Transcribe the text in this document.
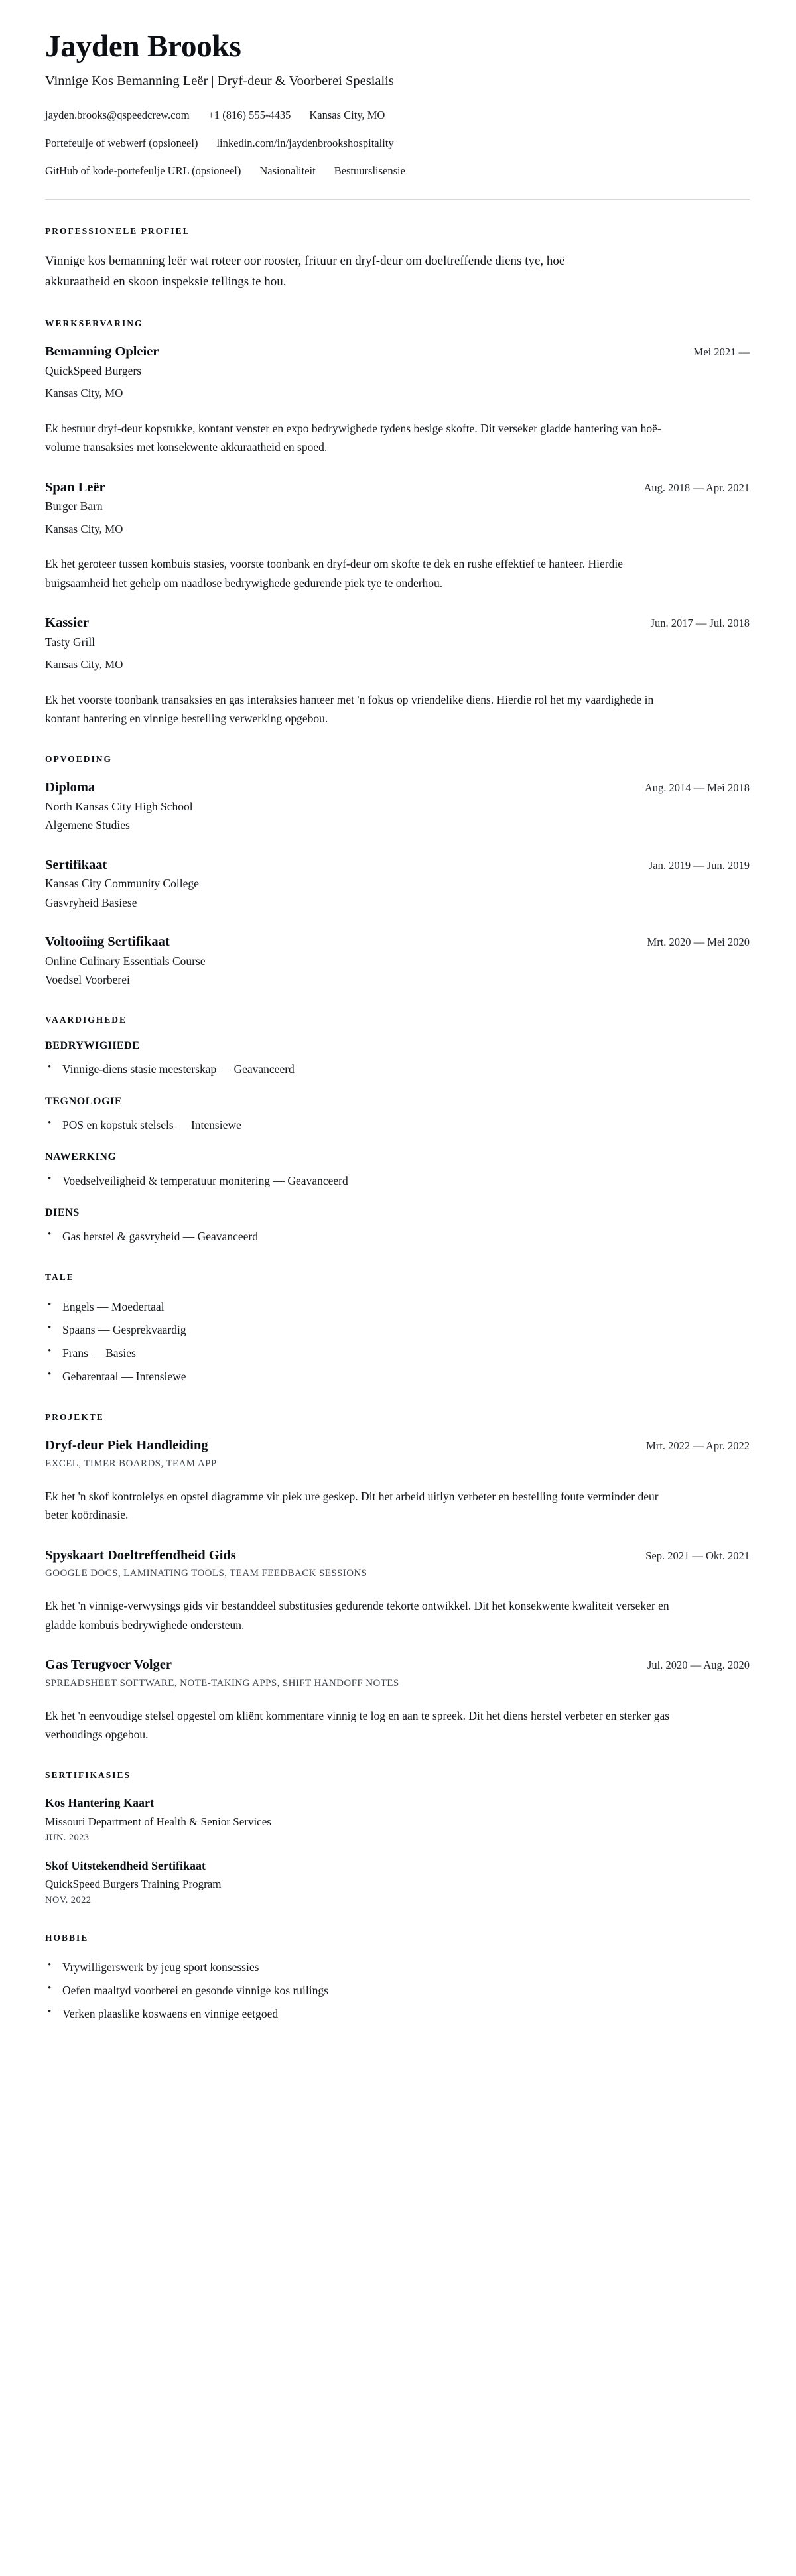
Jayden Brooks
Vinnige Kos Bemanning Leër | Dryf-deur & Voorberei Spesialis
jayden.brooks@qspeedcrew.com +1 (816) 555-4435 Kansas City, MO
Portefeulje of webwerf (opsioneel) linkedin.com/in/jaydenbrookshospitality
GitHub of kode-portefeulje URL (opsioneel) Nasionaliteit Bestuurslisensie
PROFESSIONELE PROFIEL

Vinnige kos bemanning leër wat roteer oor rooster, frituur en dryf-deur om doeltreffende diens tye, hoë akkuraatheid en skoon inspeksie tellings te hou.

WERKSERVARING
Bemanning Opleier	Mei 2021 —

QuickSpeed Burgers

Kansas City, MO

Ek bestuur dryf-deur kopstukke, kontant venster en expo bedrywighede tydens besige skofte. Dit verseker gladde hantering van hoë-volume transaksies met konsekwente akkuraatheid en spoed.

Span Leër	Aug. 2018 — Apr. 2021

Burger Barn

Kansas City, MO

Ek het geroteer tussen kombuis stasies, voorste toonbank en dryf-deur om skofte te dek en rushe effektief te hanteer. Hierdie buigsaamheid het gehelp om naadlose bedrywighede gedurende piek tye te onderhou.

Kassier	Jun. 2017 — Jul. 2018

Tasty Grill

Kansas City, MO

Ek het voorste toonbank transaksies en gas interaksies hanteer met 'n fokus op vriendelike diens. Hierdie rol het my vaardighede in kontant hantering en vinnige bestelling verwerking opgebou.

OPVOEDING
Diploma	Aug. 2014 — Mei 2018

North Kansas City High School

Algemene Studies

Sertifikaat	Jan. 2019 — Jun. 2019

Kansas City Community College

Gasvryheid Basiese

Voltooiing Sertifikaat	Mrt. 2020 — Mei 2020

Online Culinary Essentials Course

Voedsel Voorberei

VAARDIGHEDE
BEDRYWIGHEDE
• Vinnige-diens stasie meesterskap — Geavanceerd
TEGNOLOGIE
• POS en kopstuk stelsels — Intensiewe
NAWERKING
• Voedselveiligheid & temperatuur monitering — Geavanceerd
DIENS
• Gas herstel & gasvryheid — Geavanceerd
TALE
• Engels — Moedertaal
• Spaans — Gesprekvaardig
• Frans — Basies
• Gebarentaal — Intensiewe
PROJEKTE
Dryf-deur Piek Handleiding	Mrt. 2022 — Apr. 2022

EXCEL, TIMER BOARDS, TEAM APP

Ek het 'n skof kontrolelys en opstel diagramme vir piek ure geskep. Dit het arbeid uitlyn verbeter en bestelling foute verminder deur beter koördinasie.

Spyskaart Doeltreffendheid Gids	Sep. 2021 — Okt. 2021

GOOGLE DOCS, LAMINATING TOOLS, TEAM FEEDBACK SESSIONS

Ek het 'n vinnige-verwysings gids vir bestanddeel substitusies gedurende tekorte ontwikkel. Dit het konsekwente kwaliteit verseker en gladde kombuis bedrywighede ondersteun.

Gas Terugvoer Volger	Jul. 2020 — Aug. 2020

SPREADSHEET SOFTWARE, NOTE-TAKING APPS, SHIFT HANDOFF NOTES

Ek het 'n eenvoudige stelsel opgestel om kliënt kommentare vinnig te log en aan te spreek. Dit het diens herstel verbeter en sterker gas verhoudings opgebou.

SERTIFIKASIES
Kos Hantering Kaart

Missouri Department of Health & Senior Services

JUN. 2023

Skof Uitstekendheid Sertifikaat

QuickSpeed Burgers Training Program

NOV. 2022

HOBBIE
• Vrywilligerswerk by jeug sport konsessies
• Oefen maaltyd voorberei en gesonde vinnige kos ruilings
• Verken plaaslike koswaens en vinnige eetgoed
